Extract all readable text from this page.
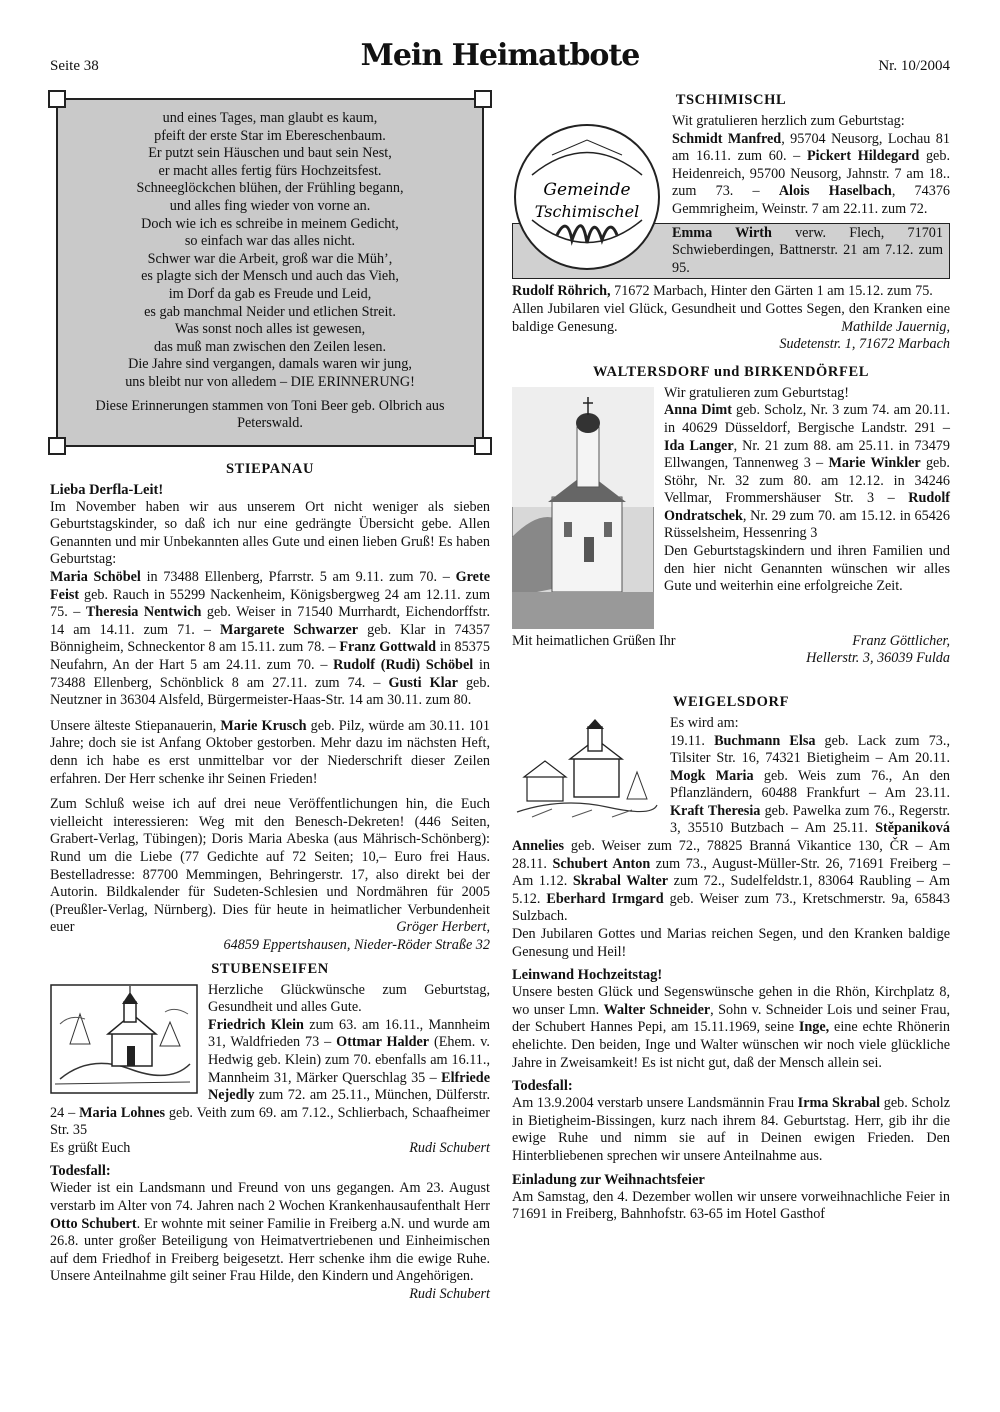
Seite 38	Mein Heimatbote	Nr. 10/2004
und eines Tages, man glaubt es kaum,
pfeift der erste Star im Ebereschenbaum.
Er putzt sein Häuschen und baut sein Nest,
er macht alles fertig fürs Hochzeitsfest.
Schneeglöckchen blühen, der Frühling begann,
und alles fing wieder von vorne an.
Doch wie ich es schreibe in meinem Gedicht,
so einfach war das alles nicht.
Schwer war die Arbeit, groß war die Müh’,
es plagte sich der Mensch und auch das Vieh,
im Dorf da gab es Freude und Leid,
es gab manchmal Neider und etlichen Streit.
Was sonst noch alles ist gewesen,
das muß man zwischen den Zeilen lesen.
Die Jahre sind vergangen, damals waren wir jung,
uns bleibt nur von alledem – DIE ERINNERUNG!

Diese Erinnerungen stammen von Toni Beer geb. Olbrich aus Peterswald.

STIEPANAU

Lieba Derfla-Leit!

Im November haben wir aus unserem Ort nicht weniger als sieben Geburtstagskinder, so daß ich nur eine gedrängte Übersicht gebe. Allen Genannten und mir Unbekannten alles Gute und einen lieben Gruß! Es haben Geburtstag:

Maria Schöbel in 73488 Ellenberg, Pfarrstr. 5 am 9.11. zum 70. – Grete Feist geb. Rauch in 55299 Nackenheim, Königsbergweg 24 am 12.11. zum 75. – Theresia Nentwich geb. Weiser in 71540 Murrhardt, Eichendorffstr. 14 am 14.11. zum 71. – Margarete Schwarzer geb. Klar in 74357 Bönnigheim, Schneckentor 8 am 15.11. zum 78. – Franz Gottwald in 85375 Neufahrn, An der Hart 5 am 24.11. zum 70. – Rudolf (Rudi) Schöbel in 73488 Ellenberg, Schönblick 8 am 27.11. zum 74. – Gusti Klar geb. Neutzner in 36304 Alsfeld, Bürgermeister-Haas-Str. 14 am 30.11. zum 80.

Unsere älteste Stiepanauerin, Marie Krusch geb. Pilz, würde am 30.11. 101 Jahre; doch sie ist Anfang Oktober gestorben. Mehr dazu im nächsten Heft, denn ich habe es erst unmittelbar vor der Niederschrift dieser Zeilen erfahren. Der Herr schenke ihr Seinen Frieden!

Zum Schluß weise ich auf drei neue Veröffentlichungen hin, die Euch vielleicht interessieren: Weg mit den Benesch-Dekreten! (446 Seiten, Grabert-Verlag, Tübingen); Doris Maria Abeska (aus Mährisch-Schönberg): Rund um die Liebe (77 Gedichte auf 72 Seiten; 10,– Euro frei Haus. Bestelladresse: 87700 Memmingen, Behringerstr. 17, also direkt bei der Autorin. Bildkalender für Sudeten-Schlesien und Nordmähren für 2005 (Preußler-Verlag, Nürnberg). Dies für heute in heimatlicher Verbundenheit euer	Gröger Herbert,

64859 Eppertshausen, Nieder-Röder Straße 32

STUBENSEIFEN

Herzliche Glückwünsche zum Geburtstag, Gesundheit und alles Gute.

Friedrich Klein zum 63. am 16.11., Mannheim 31, Waldfrieden 73 – Ottmar Halder (Ehem. v. Hedwig geb. Klein) zum 70. ebenfalls am 16.11., Mannheim 31, Märker Querschlag 35 – Elfriede Nejedly zum 72. am 25.11., München, Dülferstr. 24 – Maria Lohnes geb. Veith zum 69. am 7.12., Schlierbach, Schaafheimer Str. 35

Es grüßt Euch	Rudi Schubert

Todesfall:

Wieder ist ein Landsmann und Freund von uns gegangen. Am 23. August verstarb im Alter von 74. Jahren nach 2 Wochen Krankenhausaufenthalt Herr Otto Schubert. Er wohnte mit seiner Familie in Freiberg a.N. und wurde am 26.8. unter großer Beteiligung von Heimatvertriebenen und Einheimischen auf dem Friedhof in Freiberg beigesetzt. Herr schenke ihm die ewige Ruhe. Unsere Anteilnahme gilt seiner Frau Hilde, den Kindern und Angehörigen.
Rudi Schubert

TSCHIMISCHL
Gemeinde
Tschimischel

Wit gratulieren herzlich zum Geburtstag:

Schmidt Manfred, 95704 Neusorg, Lochau 81 am 16.11. zum 60. – Pickert Hildegard geb. Heidenreich, 95700 Neusorg, Jahnstr. 7 am 18.. zum 73. – Alois Haselbach, 74376 Gemmrigheim, Weinstr. 7 am 22.11. zum 72.

Emma Wirth verw. Flech, 71701 Schwieberdingen, Battnerstr. 21 am 7.12. zum 95.

Rudolf Röhrich, 71672 Marbach, Hinter den Gärten 1 am 15.12. zum 75.

Allen Jubilaren viel Glück, Gesundheit und Gottes Segen, den Kranken eine baldige Genesung.	Mathilde Jauernig,

Sudetenstr. 1, 71672 Marbach

WALTERSDORF und BIRKENDÖRFEL

Wir gratulieren zum Geburtstag!

Anna Dimt geb. Scholz, Nr. 3 zum 74. am 20.11. in 40629 Düsseldorf, Bergische Landstr. 291 – Ida Langer, Nr. 21 zum 88. am 25.11. in 73479 Ellwangen, Tannenweg 3 – Marie Winkler geb. Stöhr, Nr. 32 zum 80. am 12.12. in 34246 Vellmar, Frommershäuser Str. 3 – Rudolf Ondratschek, Nr. 29 zum 70. am 15.12. in 65426 Rüsselsheim, Hessenring 3

Den Geburtstagskindern und ihren Familien und den hier nicht Genannten wünschen wir alles Gute und weiterhin eine erfolgreiche Zeit.

Mit heimatlichen Grüßen Ihr	Franz Göttlicher,

Hellerstr. 3, 36039 Fulda

WEIGELSDORF

Es wird am:

19.11. Buchmann Elsa geb. Lack zum 73., Tilsiter Str. 16, 74321 Bietigheim – Am 20.11. Mogk Maria geb. Weis zum 76., An den Pflanzländern, 60488 Frankfurt – Am 23.11. Kraft Theresia geb. Pawelka zum 76., Regerstr. 3, 35510 Butzbach – Am 25.11. Stěpaniková Annelies geb. Weiser zum 72., 78825 Branná Vikantice 130, ČR – Am 28.11. Schubert Anton zum 73., August-Müller-Str. 26, 71691 Freiberg – Am 1.12. Skrabal Walter zum 72., Sudelfeldstr.1, 83064 Raubling – Am 5.12. Eberhard Irmgard geb. Weiser zum 73., Kretschmerstr. 9a, 65843 Sulzbach.

Den Jubilaren Gottes und Marias reichen Segen, und den Kranken baldige Genesung und Heil!

Leinwand Hochzeitstag!

Unsere besten Glück und Segenswünsche gehen in die Rhön, Kirchplatz 8, wo unser Lmn. Walter Schneider, Sohn v. Schneider Lois und seiner Frau, der Schubert Hannes Pepi, am 15.11.1969, seine Inge, eine echte Rhönerin ehelichte. Den beiden, Inge und Walter wünschen wir noch viele glückliche Jahre in Zweisamkeit! Es ist nicht gut, daß der Mensch allein sei.

Todesfall:

Am 13.9.2004 verstarb unsere Landsmännin Frau Irma Skrabal geb. Scholz in Bietigheim-Bissingen, kurz nach ihrem 84. Geburtstag. Herr, gib ihr die ewige Ruhe und nimm sie auf in Deinen ewigen Frieden. Den Hinterbliebenen sprechen wir unsere Anteilnahme aus.

Einladung zur Weihnachtsfeier

Am Samstag, den 4. Dezember wollen wir unsere vorweihnachliche Feier in 71691 in Freiberg, Bahnhofstr. 63-65 im Hotel Gasthof
